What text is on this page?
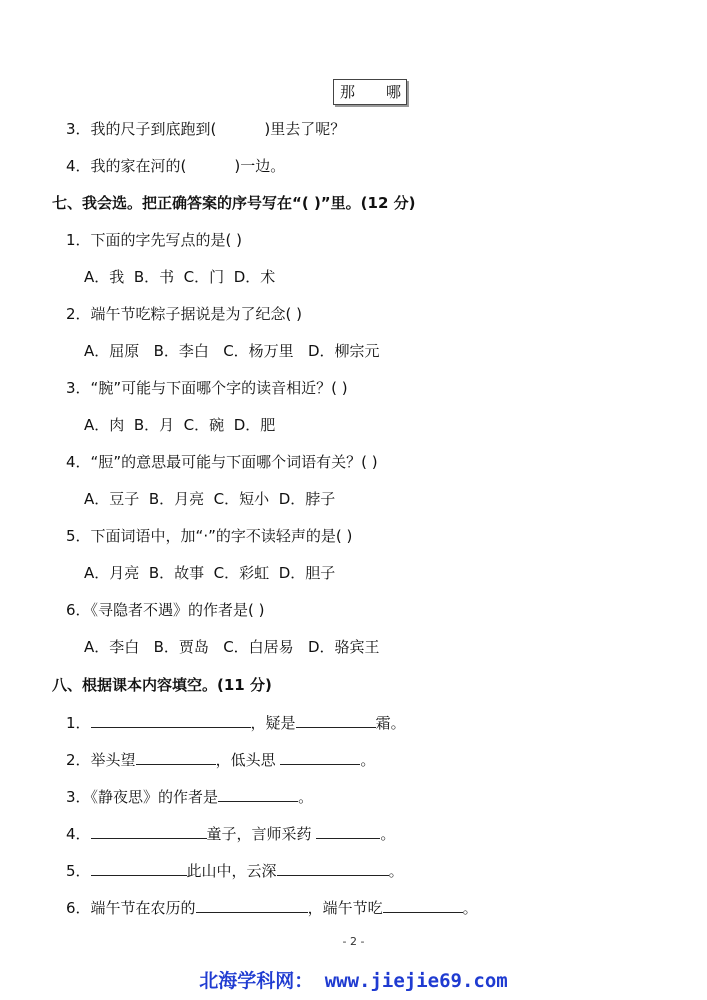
那 哪
3．我的尺子到底跑到(	)里去了呢？
4．我的家在河的(	)一边。
七、我会选。把正确答案的序号写在“( )”里。(12 分)
1．下面的字先写点的是( )
A．我 B．书 C．门 D．术
2．端午节吃粽子据说是为了纪念( )
A．屈原 B．李白 C．杨万里 D．柳宗元
3．“腕”可能与下面哪个字的读音相近？( )
A．肉 B．月 C．碗 D．肥
4．“脰”的意思最可能与下面哪个词语有关？( )
A．豆子 B．月亮 C．短小 D．脖子
5．下面词语中，加“·”的字不读轻声的是( )
A．月亮 B．故事 C．彩虹 D．胆子
6．《寻隐者不遇》的作者是( )
A．李白 B．贾岛 C．白居易 D．骆宾王
八、根据课本内容填空。(11 分)
1．	，疑是	霜。
2．举头望	，低头思	。
3．《静夜思》的作者是	。
4．	童子，言师采药	。
5．	此山中，云深	。
6．端午节在农历的	，端午节吃	。
- 2 -
北海学科网： www.jiejie69.com
